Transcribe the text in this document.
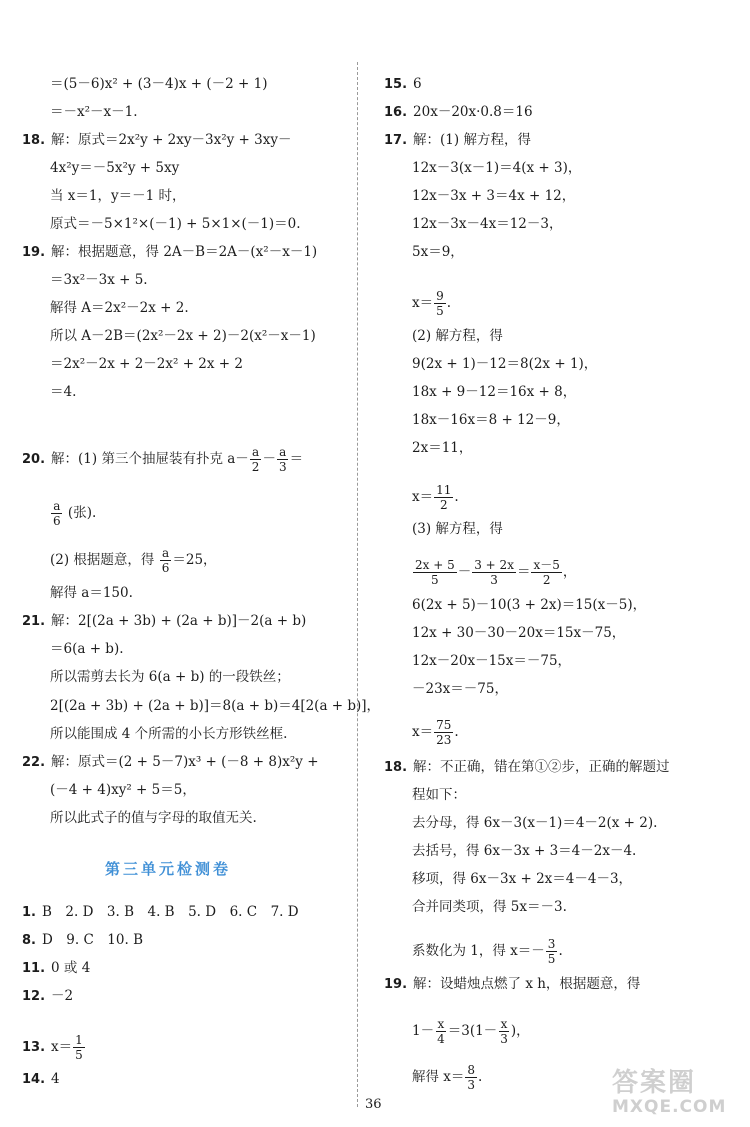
＝(5－6)x² + (3－4)x + (－2 + 1)
＝－x²－x－1.
18. 解：原式＝2x²y + 2xy－3x²y + 3xy－
4x²y＝－5x²y + 5xy
当 x＝1，y＝－1 时，
原式＝－5×1²×(－1) + 5×1×(－1)＝0.
19. 解：根据题意，得 2A－B＝2A－(x²－x－1)
＝3x²－3x + 5.
解得 A＝2x²－2x + 2.
所以 A－2B＝(2x²－2x + 2)－2(x²－x－1)
＝2x²－2x + 2－2x² + 2x + 2
＝4.
20. 解：(1) 第三个抽屉装有扑克 $a- \frac{a}{2} - \frac{a}{3}$ ＝
$\frac{a}{6}$ (张).
(2) 根据题意，得 $\frac{a}{6} =25$，
解得 a＝150.
21. 解：2[(2a + 3b) + (2a + b)]－2(a + b)
＝6(a + b).
所以需剪去长为 6(a + b) 的一段铁丝；
2[(2a + 3b) + (2a + b)]＝8(a + b)＝4[2(a + b)]，
所以能围成 4 个所需的小长方形铁丝框.
22. 解：原式＝(2 + 5－7)x³ + (－8 + 8)x²y +
(－4 + 4)xy² + 5＝5，
所以此式子的值与字母的取值无关.
1. B　2. D　3. B　4. B　5. D　6. C　7. D
8. D　9. C　10. B
11. 0 或 4
12. －2
13. $x= \frac{1}{5}$
14. 4
15. 6
16. 20x－20x·0.8＝16
17. 解：(1) 解方程，得
12x－3(x－1)＝4(x + 3)，
12x－3x + 3＝4x + 12，
12x－3x－4x＝12－3，
5x＝9，
$x= \frac{9}{5}$ .
(2) 解方程，得
9(2x + 1)－12＝8(2x + 1)，
18x + 9－12＝16x + 8，
18x－16x＝8 + 12－9，
2x＝11，
$x= \frac{11}{2}$ .
(3) 解方程，得
$\frac{2x + 5}{5} - \frac{3 + 2x}{3} = \frac{x-5}{2}$ ，
6(2x + 5)－10(3 + 2x)＝15(x－5)，
12x + 30－30－20x＝15x－75，
12x－20x－15x＝－75，
－23x＝－75，
$x= \frac{75}{23}$ .
18. 解：不正确，错在第①②步，正确的解题过
程如下：
去分母，得 6x－3(x－1)＝4－2(x + 2).
去括号，得 6x－3x + 3＝4－2x－4.
移项，得 6x－3x + 2x＝4－4－3，
合并同类项，得 5x＝－3.
系数化为 1，得 $x=- \frac{3}{5}$ .
19. 解：设蜡烛点燃了 x h，根据题意，得
$1- \frac{x}{4} =3(1- \frac{x}{3}$ )，
解得 $x= \frac{8}{3}$ .
第三单元检测卷
36
答案圈
MXQE.COM
